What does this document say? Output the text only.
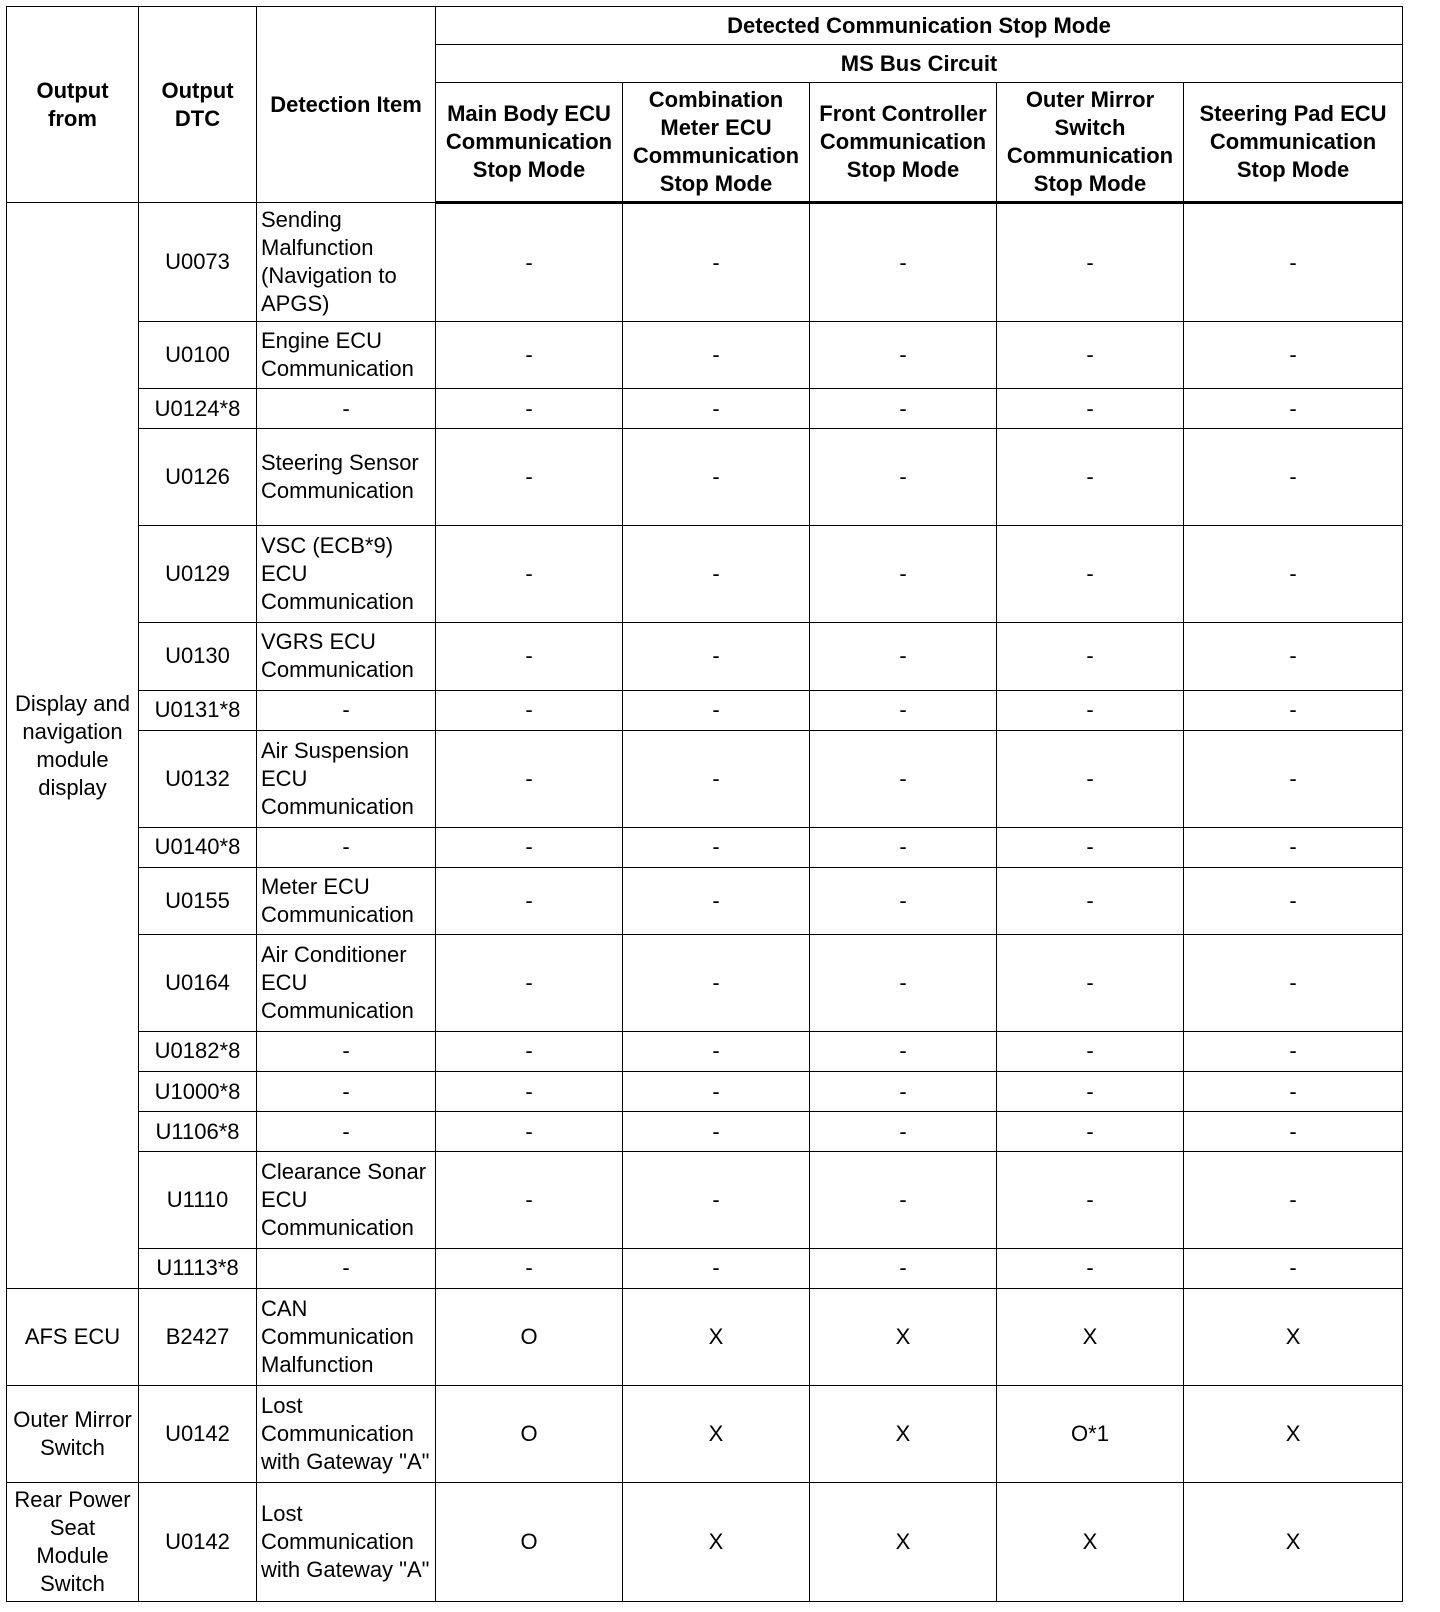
Output from	Output DTC	Detection Item	Detected Communication Stop Mode				
			MS Bus Circuit				
			Main Body ECU Communication Stop Mode	Combination Meter ECU Communication Stop Mode	Front Controller Communication Stop Mode	Outer Mirror Switch Communication Stop Mode	Steering Pad ECU Communication Stop Mode
Display and navigation module display	U0073	Sending Malfunction (Navigation to APGS)	-	-	-	-	-
	U0100	Engine ECU Communication	-	-	-	-	-
	U0124*8	-	-	-	-	-	-
	U0126	Steering Sensor Communication	-	-	-	-	-
	U0129	VSC (ECB*9) ECU Communication	-	-	-	-	-
	U0130	VGRS ECU Communication	-	-	-	-	-
	U0131*8	-	-	-	-	-	-
	U0132	Air Suspension ECU Communication	-	-	-	-	-
	U0140*8	-	-	-	-	-	-
	U0155	Meter ECU Communication	-	-	-	-	-
	U0164	Air Conditioner ECU Communication	-	-	-	-	-
	U0182*8	-	-	-	-	-	-
	U1000*8	-	-	-	-	-	-
	U1106*8	-	-	-	-	-	-
	U1110	Clearance Sonar ECU Communication	-	-	-	-	-
	U1113*8	-	-	-	-	-	-
AFS ECU	B2427	CAN Communication Malfunction	O	X	X	X	X
Outer Mirror Switch	U0142	Lost Communication with Gateway "A"	O	X	X	O*1	X
Rear Power Seat Module Switch	U0142	Lost Communication with Gateway "A"	O	X	X	X	X
